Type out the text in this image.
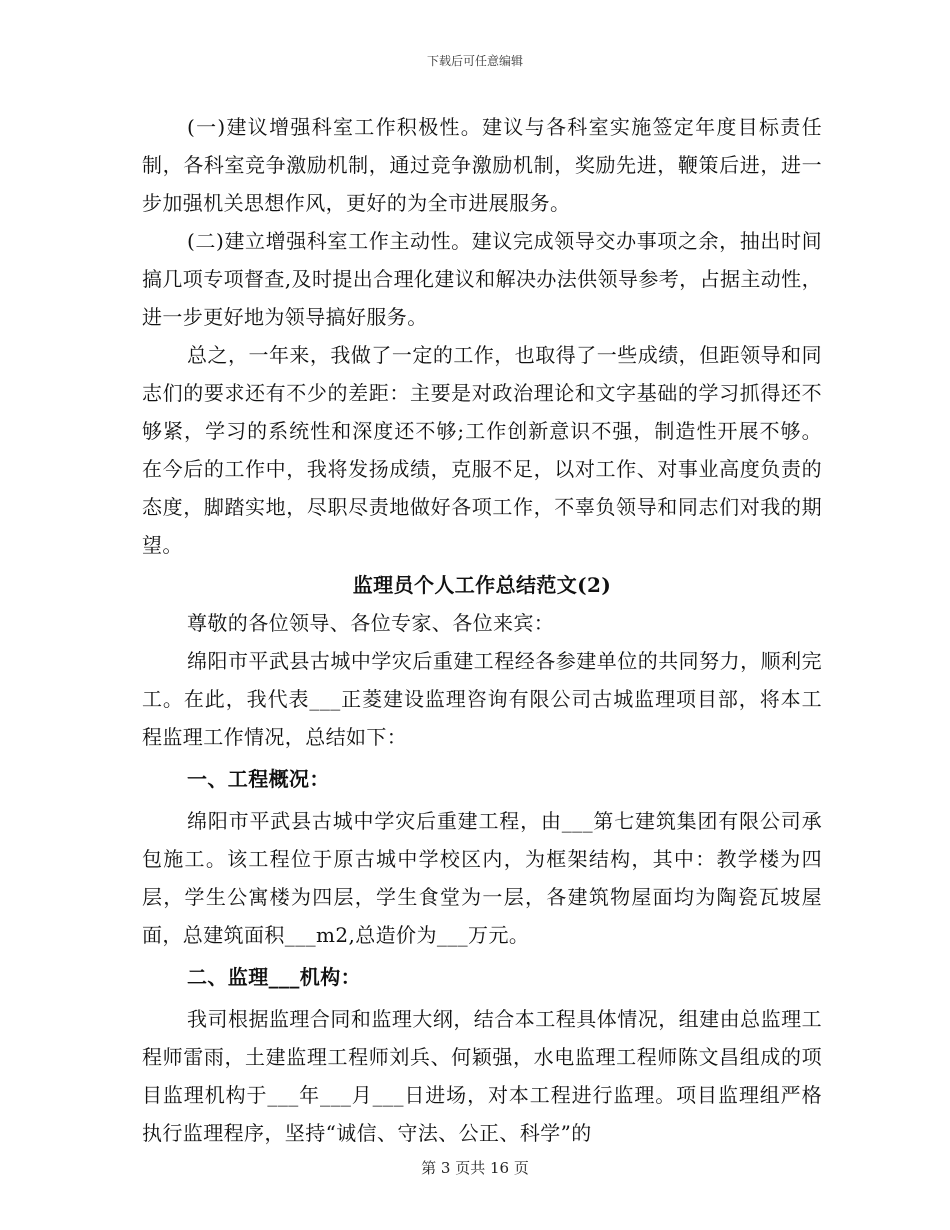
下载后可任意编辑

(一)建议增强科室工作积极性。建议与各科室实施签定年度目标责任制，各科室竞争激励机制，通过竞争激励机制，奖励先进，鞭策后进，进一步加强机关思想作风，更好的为全市进展服务。

(二)建立增强科室工作主动性。建议完成领导交办事项之余，抽出时间搞几项专项督查,及时提出合理化建议和解决办法供领导参考，占据主动性，进一步更好地为领导搞好服务。

总之，一年来，我做了一定的工作，也取得了一些成绩，但距领导和同志们的要求还有不少的差距：主要是对政治理论和文字基础的学习抓得还不够紧，学习的系统性和深度还不够;工作创新意识不强，制造性开展不够。在今后的工作中，我将发扬成绩，克服不足，以对工作、对事业高度负责的态度，脚踏实地，尽职尽责地做好各项工作，不辜负领导和同志们对我的期望。

监理员个人工作总结范文(2)

尊敬的各位领导、各位专家、各位来宾：

绵阳市平武县古城中学灾后重建工程经各参建单位的共同努力，顺利完工。在此，我代表___正菱建设监理咨询有限公司古城监理项目部，将本工程监理工作情况，总结如下：

一、工程概况：

绵阳市平武县古城中学灾后重建工程，由___第七建筑集团有限公司承包施工。该工程位于原古城中学校区内，为框架结构，其中：教学楼为四层，学生公寓楼为四层，学生食堂为一层，各建筑物屋面均为陶瓷瓦坡屋面，总建筑面积___m2,总造价为___万元。

二、监理___机构：

我司根据监理合同和监理大纲，结合本工程具体情况，组建由总监理工程师雷雨，土建监理工程师刘兵、何颖强，水电监理工程师陈文昌组成的项目监理机构于___年___月___日进场，对本工程进行监理。项目监理组严格执行监理程序，坚持“诚信、守法、公正、科学”的

第 3 页共 16 页
